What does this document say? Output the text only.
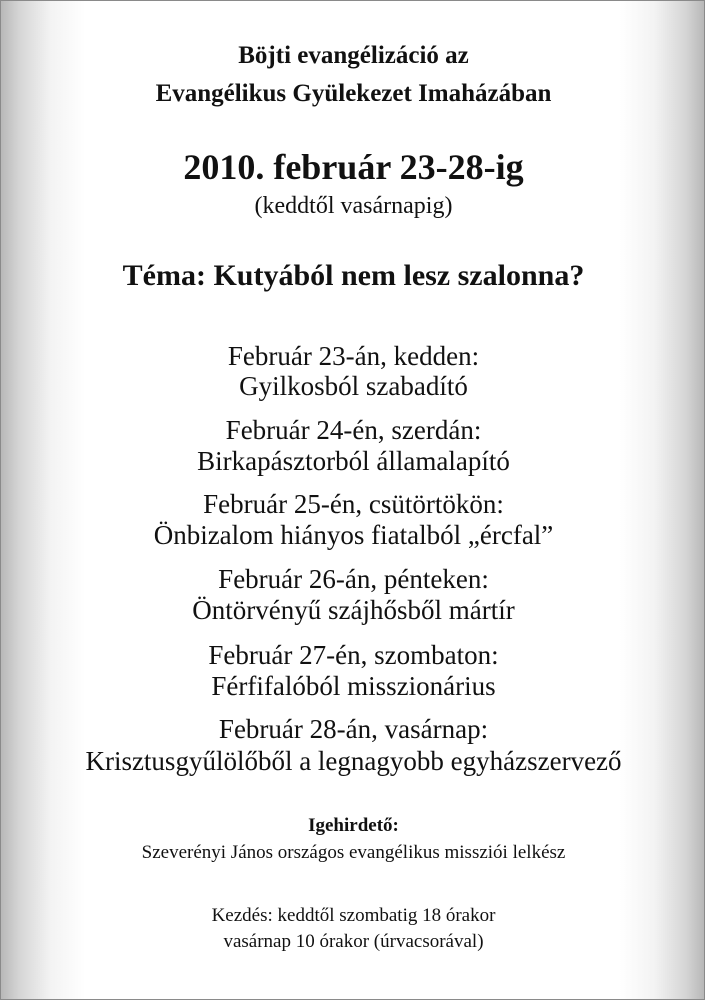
Böjti evangélizáció az
Evangélikus Gyülekezet Imaházában
2010. február 23-28-ig
(keddtől vasárnapig)
Téma: Kutyából nem lesz szalonna?
Február 23-án, kedden:
Gyilkosból szabadító
Február 24-én, szerdán:
Birkapásztorból államalapító
Február 25-én, csütörtökön:
Önbizalom hiányos fiatalból „ércfal”
Február 26-án, pénteken:
Öntörvényű szájhősből mártír
Február 27-én, szombaton:
Férfifalóból misszionárius
Február 28-án, vasárnap:
Krisztusgyűlölőből a legnagyobb egyházszervező
Igehirdető:
Szeverényi János országos evangélikus missziói lelkész
Kezdés: keddtől szombatig 18 órakor
vasárnap 10 órakor (úrvacsorával)
